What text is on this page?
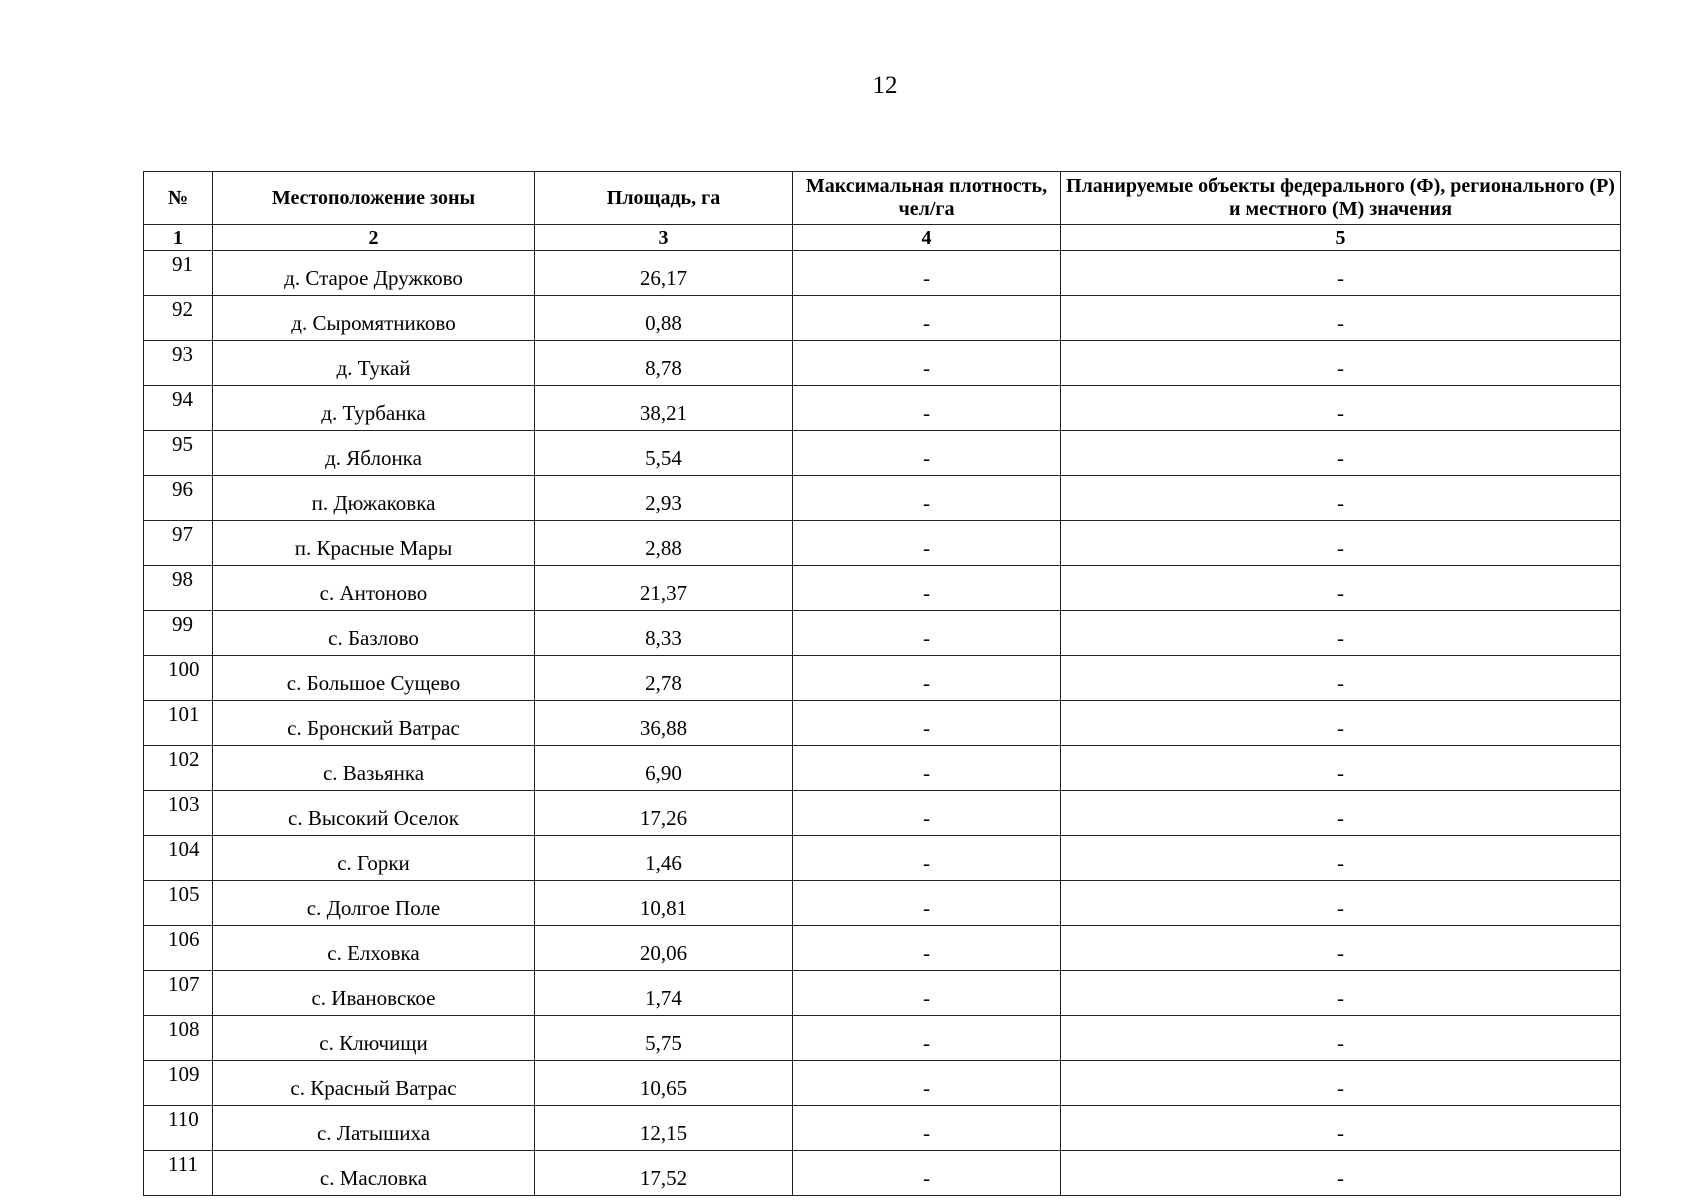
12
№	Местоположение зоны	Площадь, га	Максимальная плотность, чел/га	Планируемые объекты федерального (Ф), регионального (Р) и местного (М) значения
1	2	3	4	5
91	д. Старое Дружково	26,17	-	-
92	д. Сыромятниково	0,88	-	-
93	д. Тукай	8,78	-	-
94	д. Турбанка	38,21	-	-
95	д. Яблонка	5,54	-	-
96	п. Дюжаковка	2,93	-	-
97	п. Красные Мары	2,88	-	-
98	с. Антоново	21,37	-	-
99	с. Базлово	8,33	-	-
100	с. Большое Сущево	2,78	-	-
101	с. Бронский Ватрас	36,88	-	-
102	с. Вазьянка	6,90	-	-
103	с. Высокий Оселок	17,26	-	-
104	с. Горки	1,46	-	-
105	с. Долгое Поле	10,81	-	-
106	с. Елховка	20,06	-	-
107	с. Ивановское	1,74	-	-
108	с. Ключищи	5,75	-	-
109	с. Красный Ватрас	10,65	-	-
110	с. Латышиха	12,15	-	-
111	с. Масловка	17,52	-	-
